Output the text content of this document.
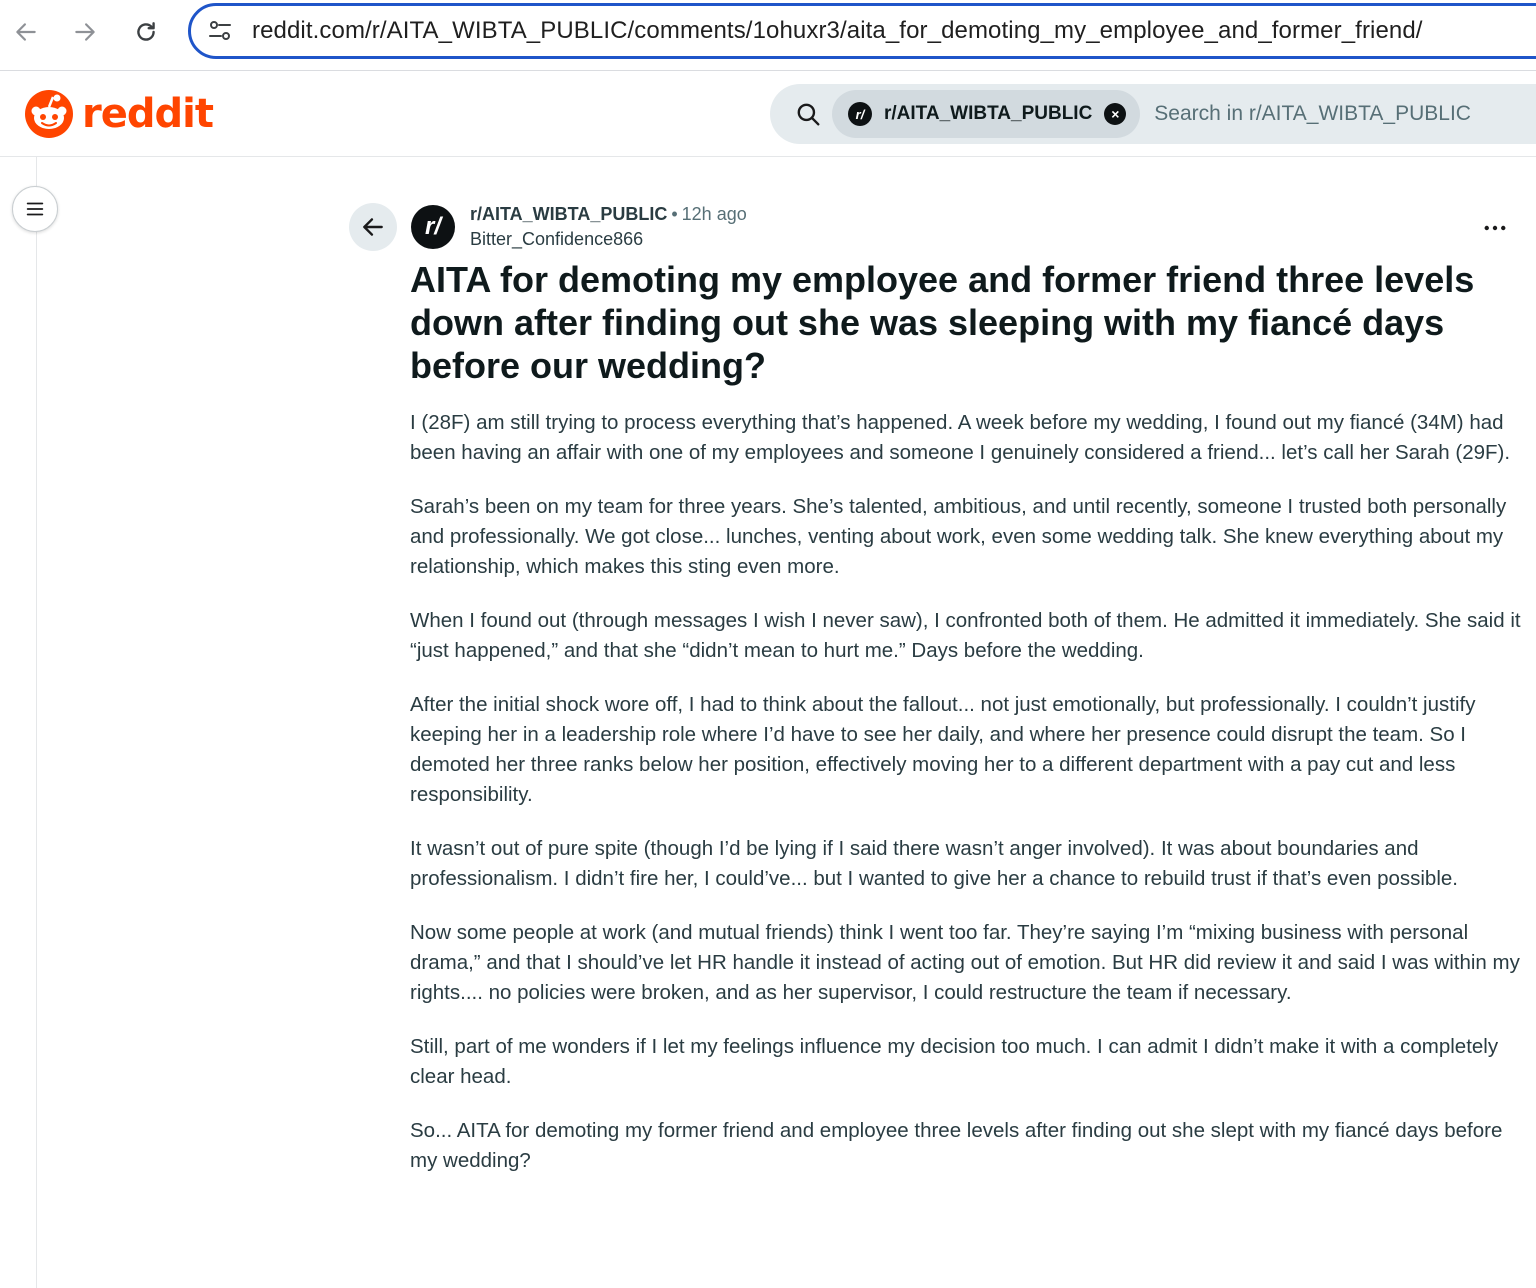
reddit.com/r/AITA_WIBTA_PUBLIC/comments/1ohuxr3/aita_for_demoting_my_employee_and_former_friend/
reddit	r/	r/AITA_WIBTA_PUBLIC	×
Search in r/AITA_WIBTA_PUBLIC
r/	r/AITA_WIBTA_PUBLIC • 12h ago
Bitter_Confidence866
AITA for demoting my employee and former friend three levels down after finding out she was sleeping with my fiancé days before our wedding?

I (28F) am still trying to process everything that’s happened. A week before my wedding, I found out my fiancé (34M) had been having an affair with one of my employees and someone I genuinely considered a friend... let’s call her Sarah (29F).

Sarah’s been on my team for three years. She’s talented, ambitious, and until recently, someone I trusted both personally and professionally. We got close... lunches, venting about work, even some wedding talk. She knew everything about my relationship, which makes this sting even more.

When I found out (through messages I wish I never saw), I confronted both of them. He admitted it immediately. She said it “just happened,” and that she “didn’t mean to hurt me.” Days before the wedding.

After the initial shock wore off, I had to think about the fallout... not just emotionally, but professionally. I couldn’t justify keeping her in a leadership role where I’d have to see her daily, and where her presence could disrupt the team. So I demoted her three ranks below her position, effectively moving her to a different department with a pay cut and less responsibility.

It wasn’t out of pure spite (though I’d be lying if I said there wasn’t anger involved). It was about boundaries and professionalism. I didn’t fire her, I could’ve... but I wanted to give her a chance to rebuild trust if that’s even possible.

Now some people at work (and mutual friends) think I went too far. They’re saying I’m “mixing business with personal drama,” and that I should’ve let HR handle it instead of acting out of emotion. But HR did review it and said I was within my rights.... no policies were broken, and as her supervisor, I could restructure the team if necessary.

Still, part of me wonders if I let my feelings influence my decision too much. I can admit I didn’t make it with a completely clear head.

So... AITA for demoting my former friend and employee three levels after finding out she slept with my fiancé days before my wedding?
